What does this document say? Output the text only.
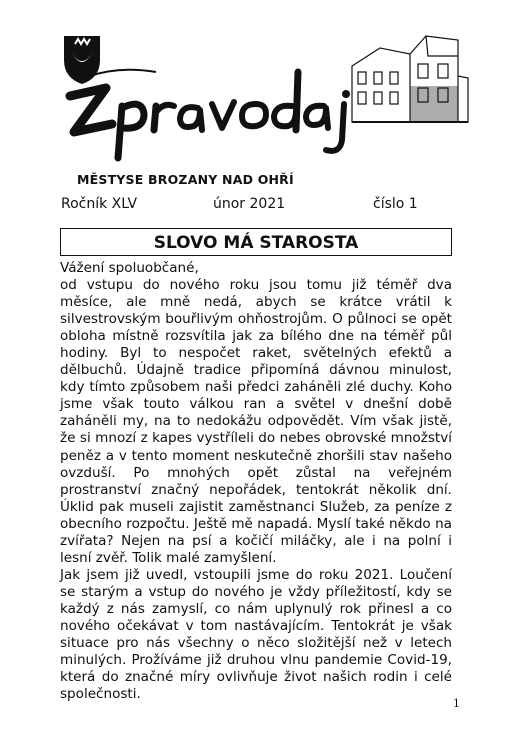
MĚSTYSE BROZANY NAD OHŘÍ
Ročník XLV	únor 2021	číslo 1
SLOVO MÁ STAROSTA

Vážení spoluobčané,

od vstupu do nového roku jsou tomu již téměř dva měsíce, ale mně nedá, abych se krátce vrátil k silvestrovským bouřlivým ohňostrojům. O půlnoci se opět obloha místně rozsvítila jak za bílého dne na téměř půl hodiny. Byl to nespočet raket, světelných efektů a dělbuchů. Údajně tradice připomíná dávnou minulost, kdy tímto způsobem naši předci zaháněli zlé duchy. Koho jsme však touto válkou ran a světel v dnešní době zaháněli my, na to nedokážu odpovědět. Vím však jistě, že si mnozí z kapes vystříleli do nebes obrovské množství peněz a v tento moment neskutečně zhoršili stav našeho ovzduší. Po mnohých opět zůstal na veřejném prostranství značný nepořádek, tentokrát několik dní. Úklid pak museli zajistit zaměstnanci Služeb, za peníze z obecního rozpočtu. Ještě mě napadá. Myslí také někdo na zvířata? Nejen na psí a kočičí miláčky, ale i na polní i lesní zvěř. Tolik malé zamyšlení.

Jak jsem již uvedl, vstoupili jsme do roku 2021. Loučení se starým a vstup do nového je vždy příležitostí, kdy se každý z nás zamyslí, co nám uplynulý rok přinesl a co nového očekávat v tom nastávajícím. Tentokrát je však situace pro nás všechny o něco složitější než v letech minulých. Prožíváme již druhou vlnu pandemie Covid-19, která do značné míry ovlivňuje život našich rodin i celé společnosti.

1
